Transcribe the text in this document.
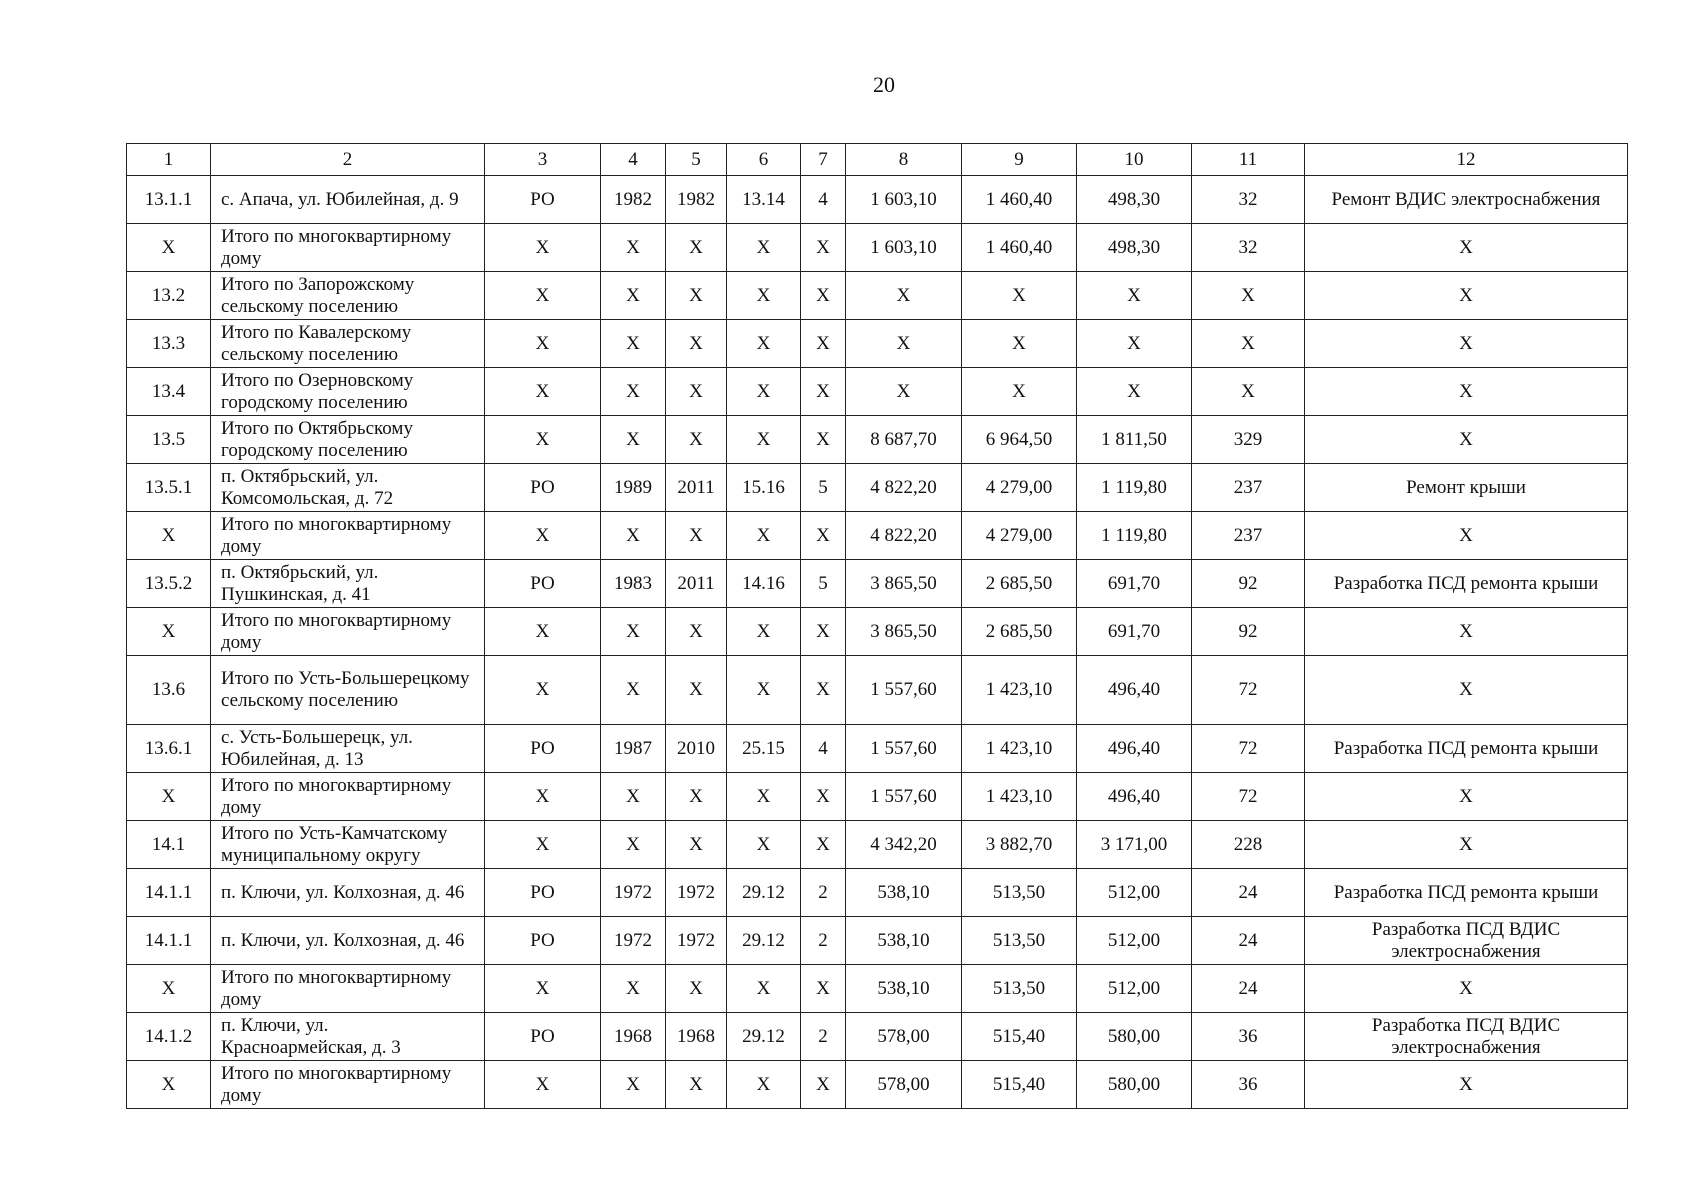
20
1	2	3	4	5	6	7	8	9	10	11	12
13.1.1	с. Апача, ул. Юбилейная, д. 9	РО	1982	1982	13.14	4	1 603,10	1 460,40	498,30	32	Ремонт ВДИС электроснабжения
Х	Итого по многоквартирному дому	Х	Х	Х	Х	Х	1 603,10	1 460,40	498,30	32	Х
13.2	Итого по Запорожскому сельскому поселению	Х	Х	Х	Х	Х	Х	Х	Х	Х	Х
13.3	Итого по Кавалерскому сельскому поселению	Х	Х	Х	Х	Х	Х	Х	Х	Х	Х
13.4	Итого по Озерновскому городскому поселению	Х	Х	Х	Х	Х	Х	Х	Х	Х	Х
13.5	Итого по Октябрьскому городскому поселению	Х	Х	Х	Х	Х	8 687,70	6 964,50	1 811,50	329	Х
13.5.1	п. Октябрьский, ул. Комсомольская, д. 72	РО	1989	2011	15.16	5	4 822,20	4 279,00	1 119,80	237	Ремонт крыши
Х	Итого по многоквартирному дому	Х	Х	Х	Х	Х	4 822,20	4 279,00	1 119,80	237	Х
13.5.2	п. Октябрьский, ул. Пушкинская, д. 41	РО	1983	2011	14.16	5	3 865,50	2 685,50	691,70	92	Разработка ПСД ремонта крыши
Х	Итого по многоквартирному дому	Х	Х	Х	Х	Х	3 865,50	2 685,50	691,70	92	Х
13.6	Итого по Усть-Большерецкому сельскому поселению	Х	Х	Х	Х	Х	1 557,60	1 423,10	496,40	72	Х
13.6.1	с. Усть-Большерецк, ул. Юбилейная, д. 13	РО	1987	2010	25.15	4	1 557,60	1 423,10	496,40	72	Разработка ПСД ремонта крыши
Х	Итого по многоквартирному дому	Х	Х	Х	Х	Х	1 557,60	1 423,10	496,40	72	Х
14.1	Итого по Усть-Камчатскому муниципальному округу	Х	Х	Х	Х	Х	4 342,20	3 882,70	3 171,00	228	Х
14.1.1	п. Ключи, ул. Колхозная, д. 46	РО	1972	1972	29.12	2	538,10	513,50	512,00	24	Разработка ПСД ремонта крыши
14.1.1	п. Ключи, ул. Колхозная, д. 46	РО	1972	1972	29.12	2	538,10	513,50	512,00	24	Разработка ПСД ВДИС электроснабжения
Х	Итого по многоквартирному дому	Х	Х	Х	Х	Х	538,10	513,50	512,00	24	Х
14.1.2	п. Ключи, ул. Красноармейская, д. 3	РО	1968	1968	29.12	2	578,00	515,40	580,00	36	Разработка ПСД ВДИС электроснабжения
Х	Итого по многоквартирному дому	Х	Х	Х	Х	Х	578,00	515,40	580,00	36	Х
